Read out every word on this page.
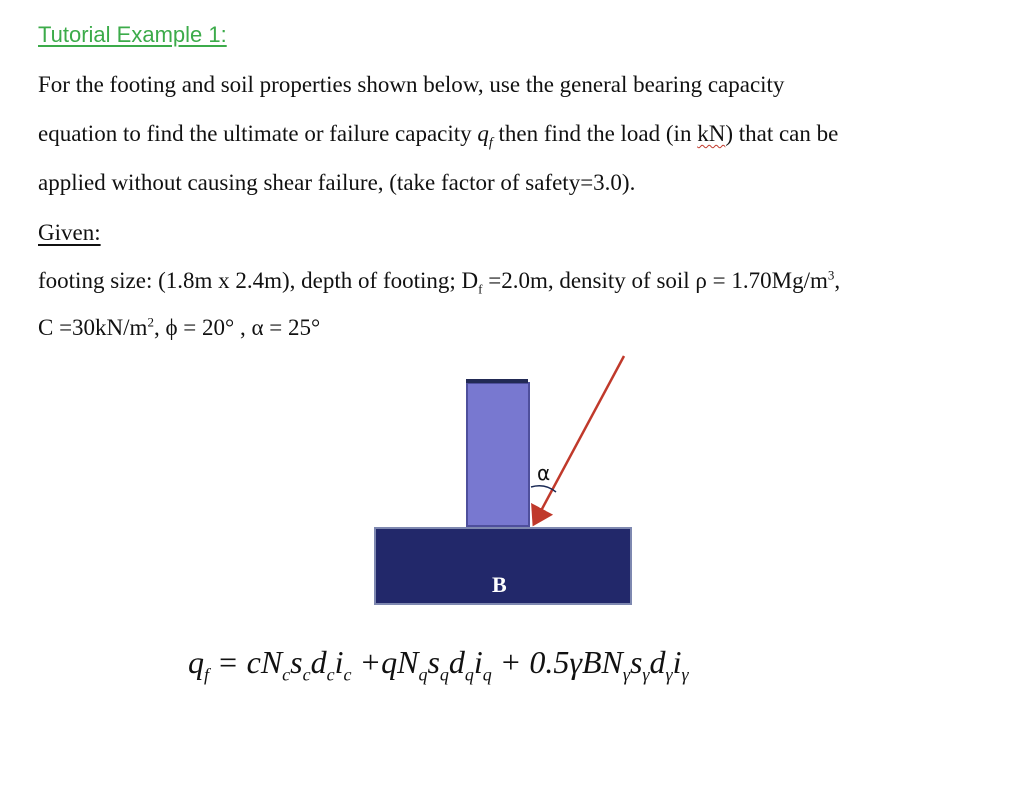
Tutorial Example 1:
For the footing and soil properties shown below, use the general bearing capacity
equation to find the ultimate or failure capacity $q_f$ then find the load (in kN) that can be
applied without causing shear failure, (take factor of safety=3.0).
Given:
footing size: (1.8m x 2.4m), depth of footing; $D_f =2.0m$, density of soil $\rho = 1.70Mg/m^3$,
$C =30kN/m^2$, ϕ = 20° , α = 25°
B
α
$q_f = cN_cs_cd_ci_c +qN_qs_qd_qi_q + 0.5\gamma BN_\gamma s_\gamma d_\gamma i_\gamma$
